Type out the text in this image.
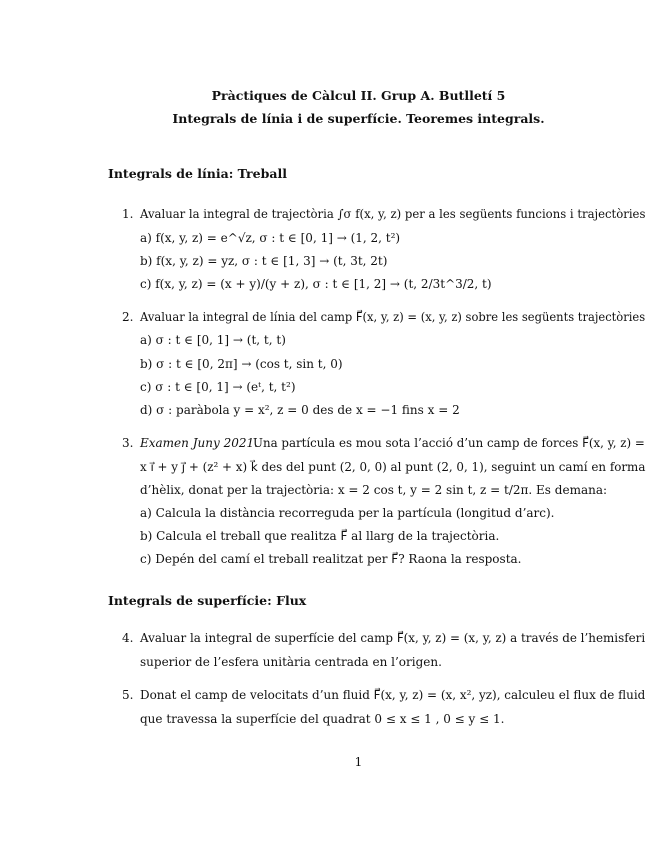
Pràctiques de Càlcul II. Grup A. Butlletí 5
Integrals de línia i de superfície. Teoremes integrals.
Integrals de línia: Treball
1. Avaluar la integral de trajectòria ∫σ f(x, y, z) per a les següents funcions i trajectòries
a) f(x, y, z) = e^√z, σ : t ∈ [0, 1] → (1, 2, t²)
b) f(x, y, z) = yz, σ : t ∈ [1, 3] → (t, 3t, 2t)
c) f(x, y, z) = (x + y)/(y + z), σ : t ∈ [1, 2] → (t, 2/3t^3/2, t)
2. Avaluar la integral de línia del camp F⃗(x, y, z) = (x, y, z) sobre les següents trajectòries
a) σ : t ∈ [0, 1] → (t, t, t)
b) σ : t ∈ [0, 2π] → (cos t, sin t, 0)
c) σ : t ∈ [0, 1] → (eᵗ, t, t²)
d) σ : paràbola y = x², z = 0 des de x = −1 fins x = 2
3. Examen Juny 2021.
Una partícula es mou sota l’acció d’un camp de forces F⃗(x, y, z) =
x i⃗ + y j⃗ + (z² + x) k⃗ des del punt (2, 0, 0) al punt (2, 0, 1), seguint un camí en forma
d’hèlix, donat per la trajectòria: x = 2 cos t, y = 2 sin t, z = t/2π. Es demana:
a) Calcula la distància recorreguda per la partícula (longitud d’arc).
b) Calcula el treball que realitza F⃗ al llarg de la trajectòria.
c) Depén del camí el treball realitzat per F⃗? Raona la resposta.
Integrals de superfície: Flux
4. Avaluar la integral de superfície del camp F⃗(x, y, z) = (x, y, z) a través de l’hemisferi
superior de l’esfera unitària centrada en l’origen.
5. Donat el camp de velocitats d’un fluid F⃗(x, y, z) = (x, x², yz), calculeu el flux de fluid
que travessa la superfície del quadrat 0 ≤ x ≤ 1 , 0 ≤ y ≤ 1.
1
